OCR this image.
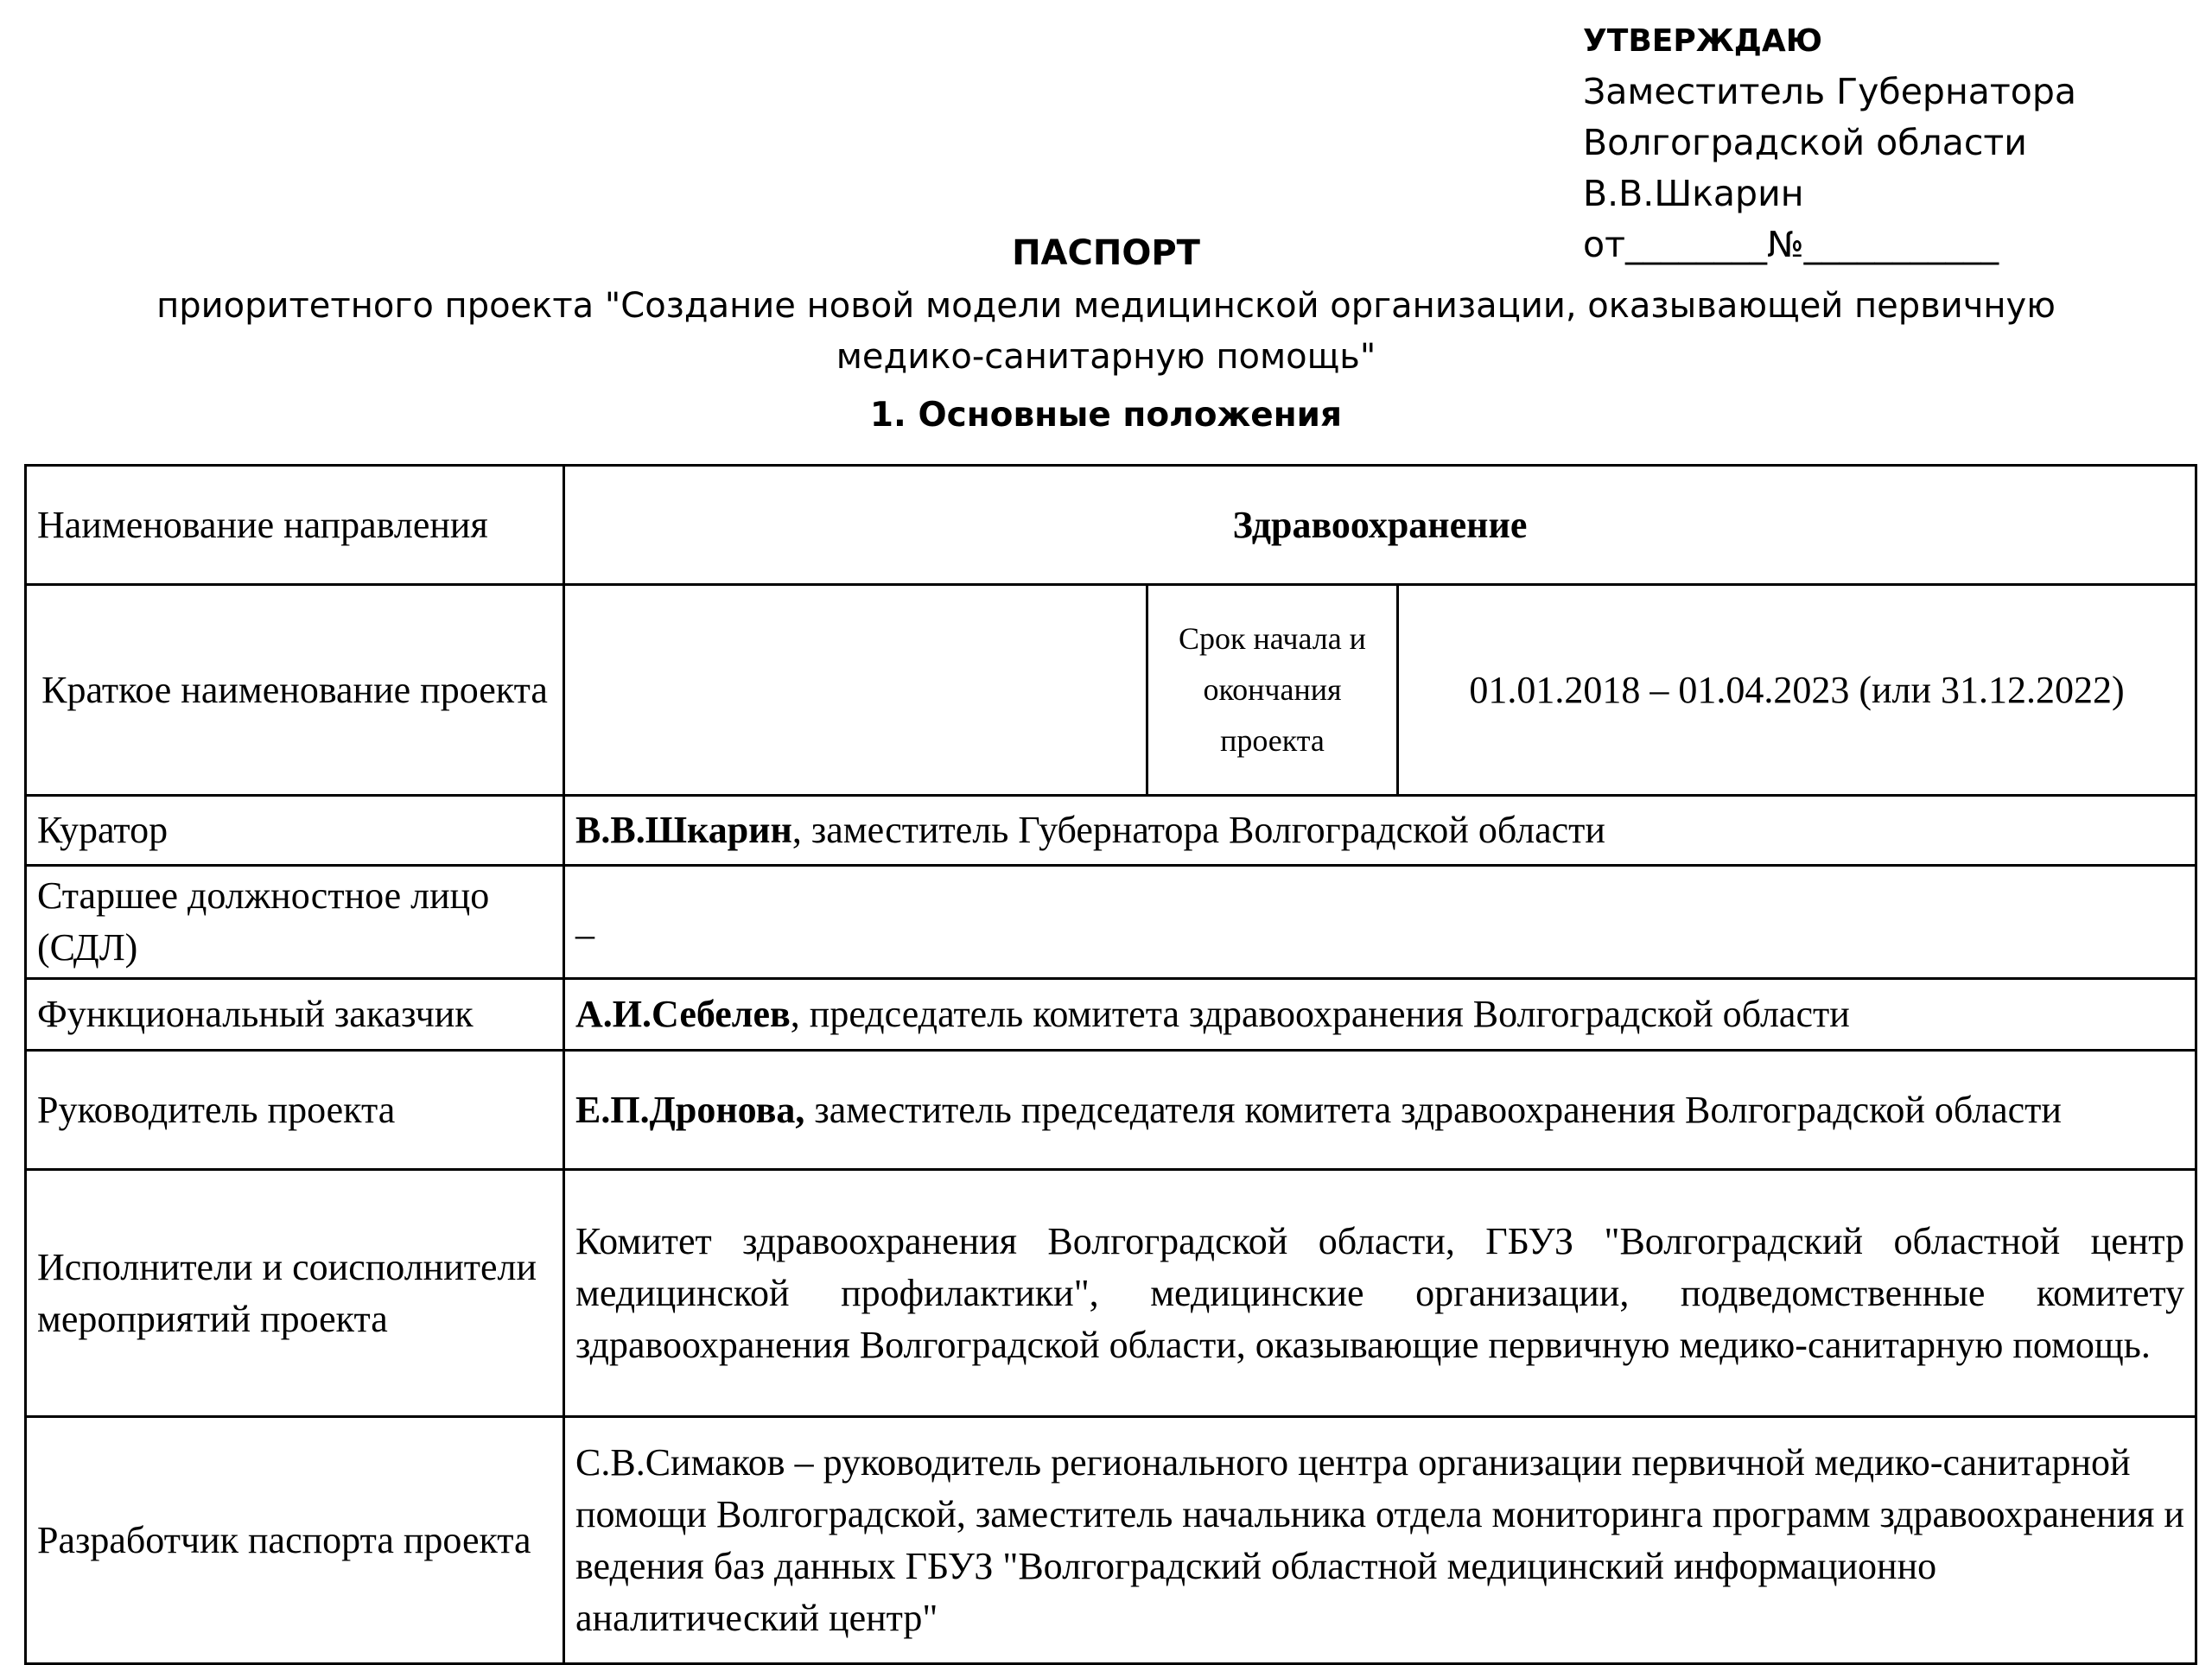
УТВЕРЖДАЮ
Заместитель Губернатора
Волгоградской области
В.В.Шкарин
от________№___________
ПАСПОРТ
приоритетного проекта "Создание новой модели медицинской организации, оказывающей первичную медико-санитарную помощь"
1. Основные положения
Наименование направления	Здравоохранение		
Краткое наименование проекта		Срок начала и окончания проекта	01.01.2018 – 01.04.2023 (или 31.12.2022)
Куратор	В.В.Шкарин, заместитель Губернатора Волгоградской области		
Старшее должностное лицо (СДЛ)	_		
Функциональный заказчик	А.И.Себелев, председатель комитета здравоохранения Волгоградской области		
Руководитель проекта	Е.П.Дронова, заместитель председателя комитета здравоохранения Волгоградской области		
Исполнители и соисполнители мероприятий проекта	Комитет здравоохранения Волгоградской области, ГБУЗ "Волгоградский областной центр медицинской профилактики", медицинские организации, подведомственные комитету здравоохранения Волгоградской области, оказывающие первичную медико-санитарную помощь.		
Разработчик паспорта проекта	С.В.Симаков – руководитель регионального центра организации первичной медико-санитарной помощи Волгоградской, заместитель начальника отдела мониторинга программ здравоохранения и ведения баз данных ГБУЗ "Волгоградский областной медицинский информационно аналитический центр"		
